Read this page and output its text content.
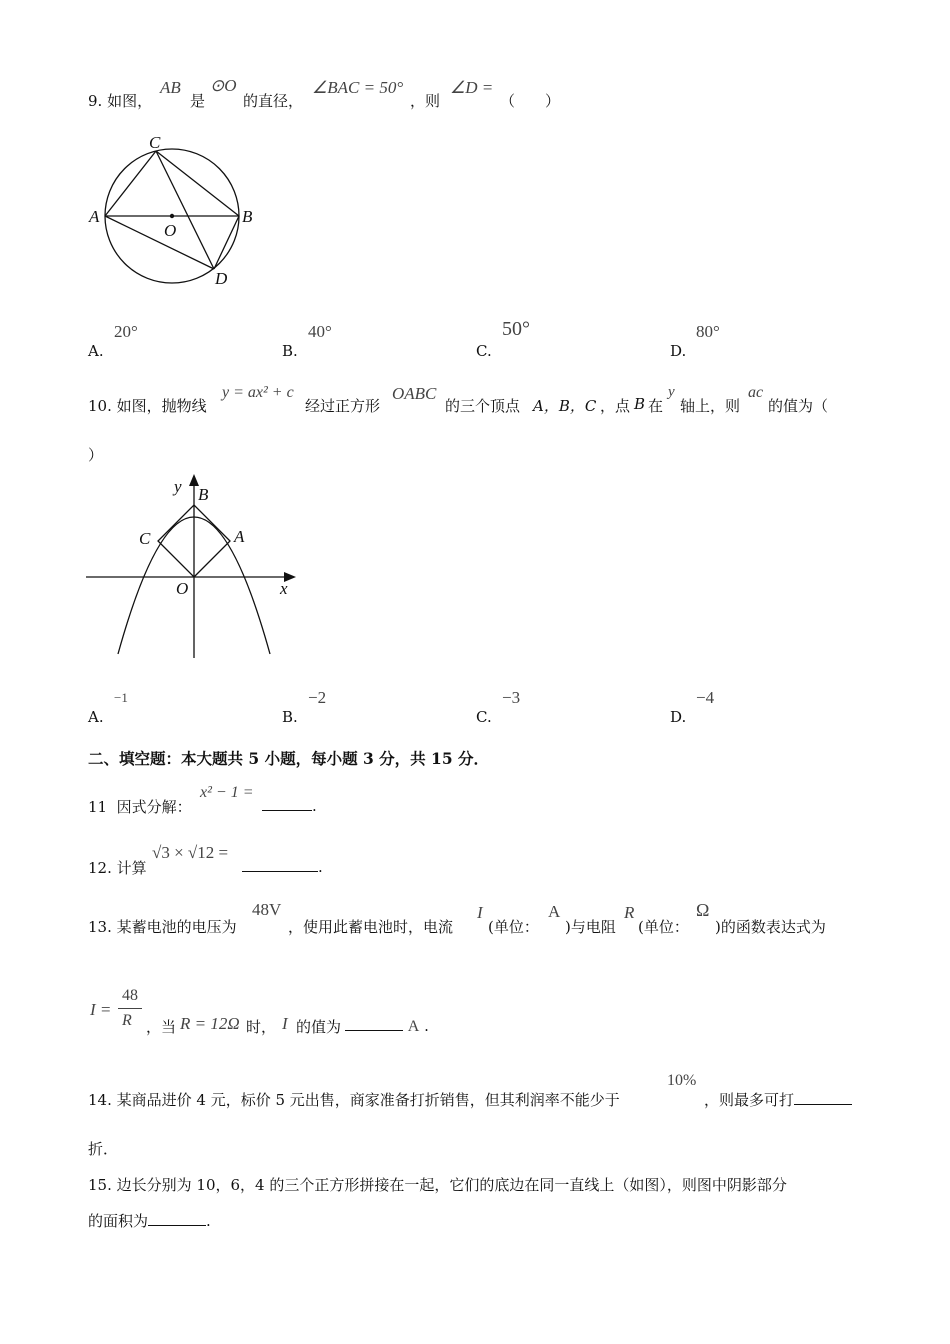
9. 如图，
AB
是
⊙O
的直径，
∠BAC = 50°
，则
∠D =
（　　）
C
A	B
O
D
A.
20°
B.
40°
C.
50°
D.
80°
10. 如图，抛物线
y = ax² + c
经过正方形
OABC
的三个顶点 A，B，C ，点 B 在
y
轴上，则
ac
的值为（
）
y B
C	A
O	x
A.
−1
B.
−2
C.
−3
D.
−4
二、填空题：本大题共 5 小题，每小题 3 分，共 15 分．
11 因式分解：
x² − 1 =
.
12. 计算
√3 × √12 =
.
13. 某蓄电池的电压为
48V
，使用此蓄电池时，电流
I
(单位：
A
)与电阻
R
(单位：
Ω
)的函数表达式为
I =
48
R ，当 R = 12Ω 时， I 的值为	A .
14. 某商品进价 4 元，标价 5 元出售，商家准备打折销售，但其利润率不能少于
10%
，则最多可打
折．
15. 边长分别为 10，6，4 的三个正方形拼接在一起，它们的底边在同一直线上（如图），则图中阴影部分
的面积为	.
